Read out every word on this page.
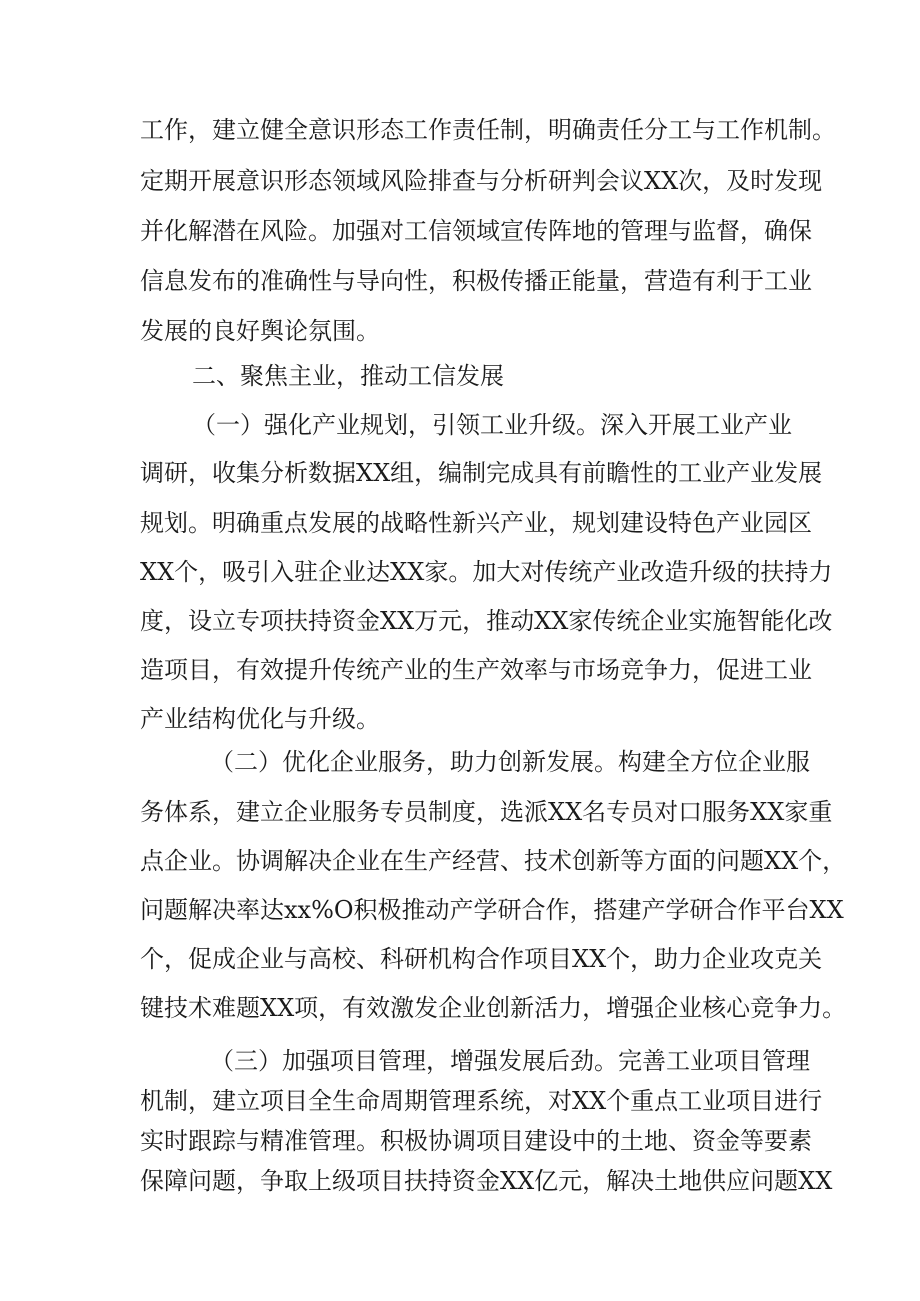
工作，建立健全意识形态工作责任制，明确责任分工与工作机制。
定期开展意识形态领域风险排查与分析研判会议XX次，及时发现
并化解潜在风险。加强对工信领域宣传阵地的管理与监督，确保
信息发布的准确性与导向性，积极传播正能量，营造有利于工业
发展的良好舆论氛围。
二、聚焦主业，推动工信发展
（一）强化产业规划，引领工业升级。深入开展工业产业
调研，收集分析数据XX组，编制完成具有前瞻性的工业产业发展
规划。明确重点发展的战略性新兴产业，规划建设特色产业园区
XX个，吸引入驻企业达XX家。加大对传统产业改造升级的扶持力
度，设立专项扶持资金XX万元，推动XX家传统企业实施智能化改
造项目，有效提升传统产业的生产效率与市场竞争力，促进工业
产业结构优化与升级。
（二）优化企业服务，助力创新发展。构建全方位企业服
务体系，建立企业服务专员制度，选派XX名专员对口服务XX家重
点企业。协调解决企业在生产经营、技术创新等方面的问题XX个，
问题解决率达xx%O积极推动产学研合作，搭建产学研合作平台XX
个，促成企业与高校、科研机构合作项目XX个，助力企业攻克关
键技术难题XX项，有效激发企业创新活力，增强企业核心竞争力。
（三）加强项目管理，增强发展后劲。完善工业项目管理
机制，建立项目全生命周期管理系统，对XX个重点工业项目进行
实时跟踪与精准管理。积极协调项目建设中的土地、资金等要素
保障问题，争取上级项目扶持资金XX亿元，解决土地供应问题XX
